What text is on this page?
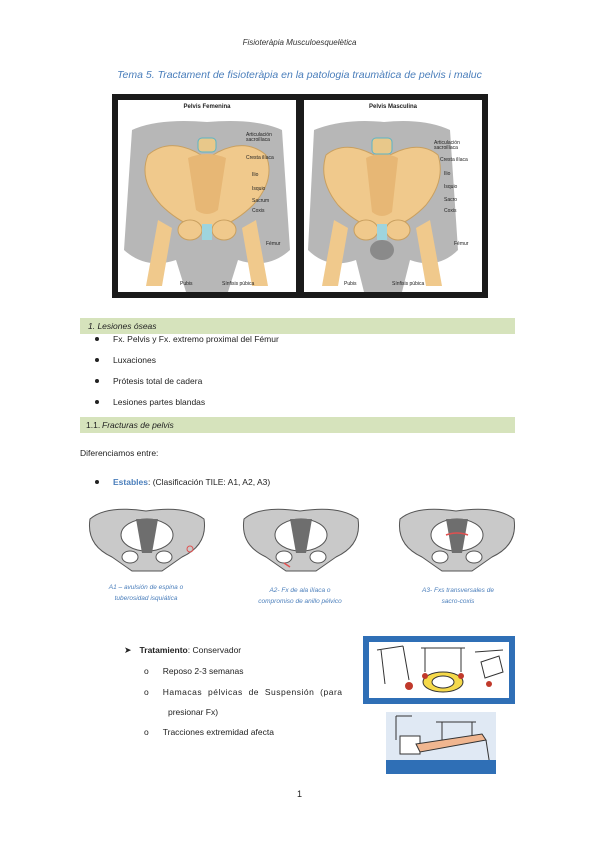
Fisioteràpia Musculoesquelètica
Tema 5. Tractament de fisioteràpia en la patologia traumàtica de pelvis i maluc
Pelvis Femenina
Articulación sacroilíaca
Cresta ilíaca
Ilio
Isquio
Sacrum
Coxis
Fémur
Pubis	Sínfisis púbica
Pelvis Masculina
Articulación sacroilíaca
Cresta ilíaca
Ilio
Isquio
Sacro
Coxis
Fémur
Pubis	Sínfisis púbica
1. Lesiones óseas
Fx. Pelvis y Fx. extremo proximal del Fémur
Luxaciones
Prótesis total de cadera
Lesiones partes blandas
1.1. Fracturas de pelvis
Diferenciamos entre:
Estables: (Clasificación TILE: A1, A2, A3)
A1 – avulsión de espina o
tuberosidad isquiática
A2- Fx de ala ilíaca o
compromiso de anillo pélvico
A3- Fxs transversales de
sacro-coxis
➤ Tratamiento: Conservador
o Reposo 2-3 semanas
o Hamacas pélvicas de Suspensión (para
presionar Fx)
o Tracciones extremidad afecta
1
